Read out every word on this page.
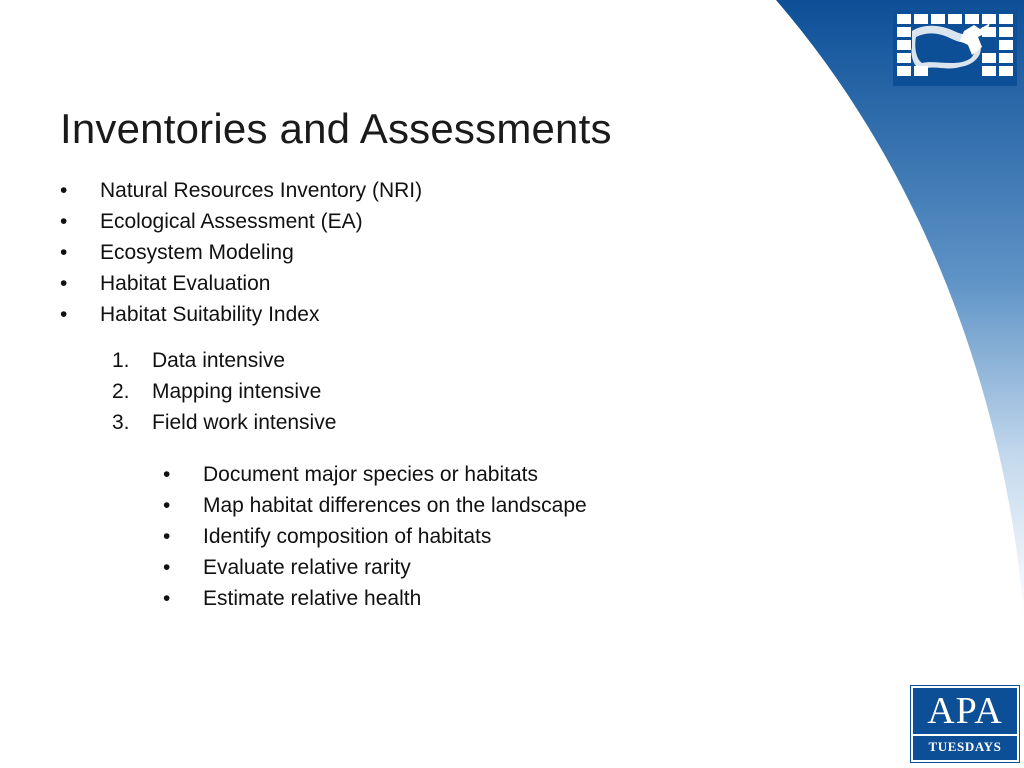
Inventories and Assessments
•	Natural Resources Inventory (NRI)
•	Ecological Assessment (EA)
•	Ecosystem Modeling
•	Habitat Evaluation
•	Habitat Suitability Index
1.	Data intensive
2.	Mapping intensive
3.	Field work intensive
•	Document major species or habitats
•	Map habitat differences on the landscape
•	Identify composition of habitats
•	Evaluate relative rarity
•	Estimate relative health
APA
TUESDAYS
